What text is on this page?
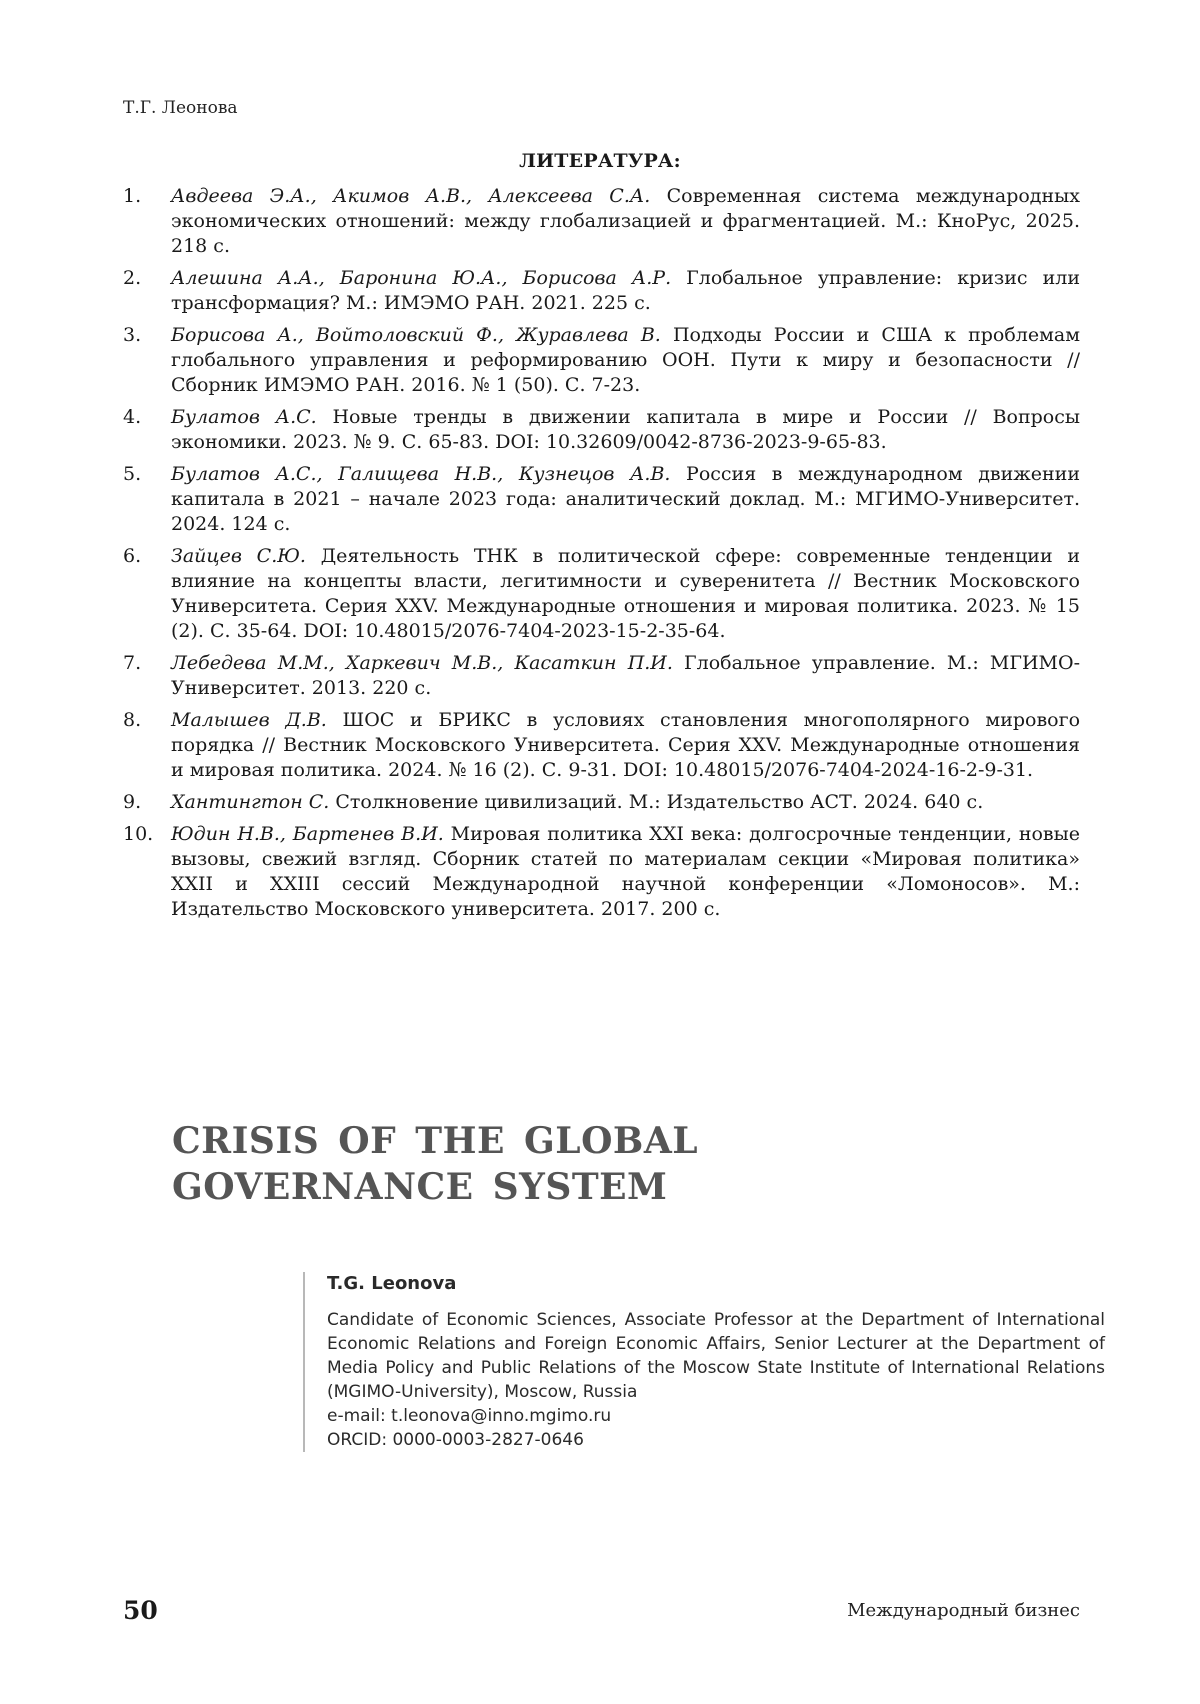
Т.Г. Леонова
ЛИТЕРАТУРА:
1.	Авдеева Э.А., Акимов А.В., Алексеева С.А. Современная система международных экономических отношений: между глобализацией и фрагментацией. М.: КноРус, 2025. 218 с.
2.	Алешина А.А., Баронина Ю.А., Борисова А.Р. Глобальное управление: кризис или трансформация? М.: ИМЭМО РАН. 2021. 225 с.
3.	Борисова А., Войтоловский Ф., Журавлева В. Подходы России и США к проблемам глобального управления и реформированию ООН. Пути к миру и безопасности // Сборник ИМЭМО РАН. 2016. № 1 (50). С. 7-23.
4.	Булатов А.С. Новые тренды в движении капитала в мире и России // Вопросы экономики. 2023. № 9. С. 65-83. DOI: 10.32609/0042-8736-2023-9-65-83.
5.	Булатов А.С., Галищева Н.В., Кузнецов А.В. Россия в международном движении капитала в 2021 – начале 2023 года: аналитический доклад. М.: МГИМО-Университет. 2024. 124 с.
6.	Зайцев С.Ю. Деятельность ТНК в политической сфере: современные тенденции и влияние на концепты власти, легитимности и суверенитета // Вестник Московского Университета. Серия XXV. Международные отношения и мировая политика. 2023. № 15 (2). С. 35-64. DOI: 10.48015/2076-7404-2023-15-2-35-64.
7.	Лебедева М.М., Харкевич М.В., Касаткин П.И. Глобальное управление. М.: МГИМО-Университет. 2013. 220 с.
8.	Малышев Д.В. ШОС и БРИКС в условиях становления многополярного мирового порядка // Вестник Московского Университета. Серия XXV. Международные отношения и мировая политика. 2024. № 16 (2). С. 9-31. DOI: 10.48015/2076-7404-2024-16-2-9-31.
9.	Хантингтон С. Столкновение цивилизаций. М.: Издательство АСТ. 2024. 640 с.
10. Юдин Н.В., Бартенев В.И. Мировая политика XXI века: долгосрочные тенденции, новые вызовы, свежий взгляд. Сборник статей по материалам секции «Мировая политика» XXII и XXIII сессий Международной научной конференции «Ломоносов». М.: Издательство Московского университета. 2017. 200 с.
CRISIS OF THE GLOBAL
GOVERNANCE SYSTEM
T.G. Leonova
Candidate of Economic Sciences, Associate Professor at the Department of International Economic Relations and Foreign Economic Affairs, Senior Lecturer at the Department of Media Policy and Public Relations of the Moscow State Institute of International Relations (MGIMO-University), Moscow, Russia
e-mail: t.leonova@inno.mgimo.ru
ORCID: 0000-0003-2827-0646
50	Международный бизнес
